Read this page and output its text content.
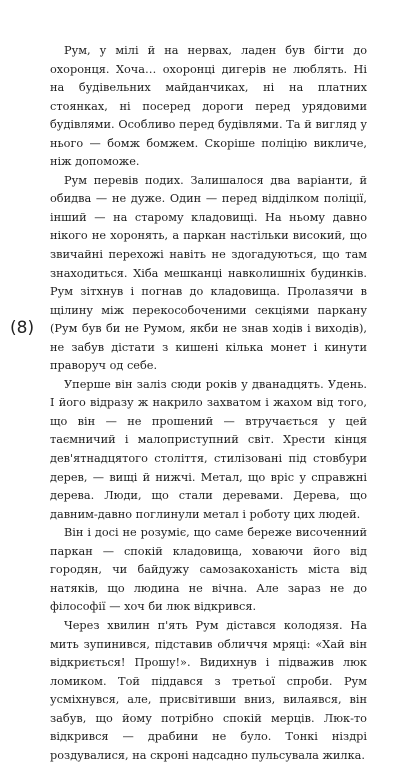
(8)

Рум, у мілі й на нервах, ладен був бігти до охоронця. Хоча… охоронці дигерів не люблять. Ні на будівельних майданчиках, ні на платних стоянках, ні посеред дороги перед урядовими будівлями. Особливо перед будівлями. Та й вигляд у нього — бомж бомжем. Скоріше поліцію викличе, ніж допоможе.

Рум перевів подих. Залишалося два варіанти, й обидва — не дуже. Один — перед відділком поліції, інший — на старому кладовищі. На ньому давно нікого не хоронять, а паркан настільки високий, що звичайні перехожі навіть не здогадуються, що там знаходиться. Хіба мешканці навколишніх будинків. Рум зітхнув і погнав до кладовища. Пролазячи в щілину між перекособоченими секціями паркану (Рум був би не Румом, якби не знав ходів і виходів), не забув дістати з кишені кілька монет і кинути праворуч од себе.

Уперше він заліз сюди років у дванадцять. Удень. І його відразу ж накрило захватом і жахом від того, що він — не прошений — втручається у цей таємничий і малоприступний світ. Хрести кінця дев'ятнадцятого століття, стилізовані під стовбури дерев, — вищі й нижчі. Метал, що вріс у справжні дерева. Люди, що стали деревами. Дерева, що давним-давно поглинули метал і роботу цих людей.

Він і досі не розуміє, що саме береже височенний паркан — спокій кладовища, ховаючи його від городян, чи байдужу самозакоханість міста від натяків, що людина не вічна. Але зараз не до філософії — хоч би люк відкрився.

Через хвилин п'ять Рум дістався колодязя. На мить зупинився, підставив обличчя мряці: «Хай він відкриється! Прошу!». Видихнув і підважив люк ломиком. Той піддався з третьої спроби. Рум усміхнувся, але, присвітивши вниз, вилаявся, він забув, що йому потрібно спокій мерців. Люк-то відкрився — драбини не було. Тонкі ніздрі роздувалися, на скроні надсадно пульсувала жилка.
